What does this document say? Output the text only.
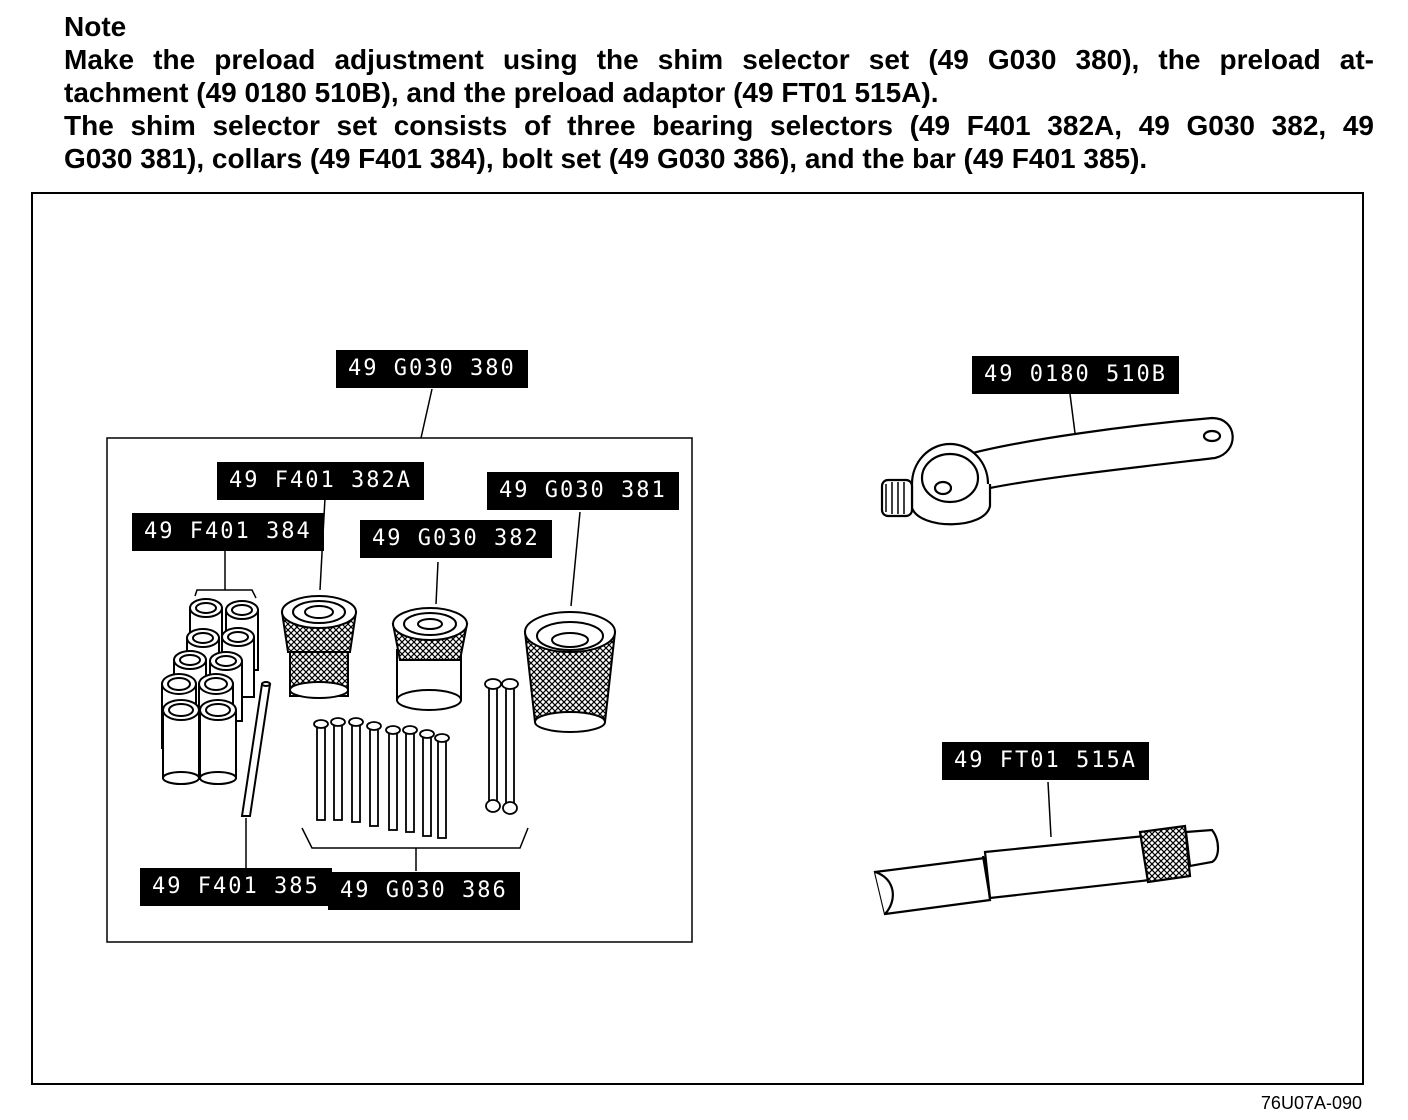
Note
Make the preload adjustment using the shim selector set (49 G030 380), the preload at-
tachment (49 0180 510B), and the preload adaptor (49 FT01 515A).
The shim selector set consists of three bearing selectors (49 F401 382A, 49 G030 382, 49
G030 381), collars (49 F401 384), bolt set (49 G030 386), and the bar (49 F401 385).
49 G030 380	49 0180 510B
49 F401 382A	49 G030 381
49 F401 384	49 G030 382
49 FT01 515A
49 F401 385 49 G030 386
76U07A-090
